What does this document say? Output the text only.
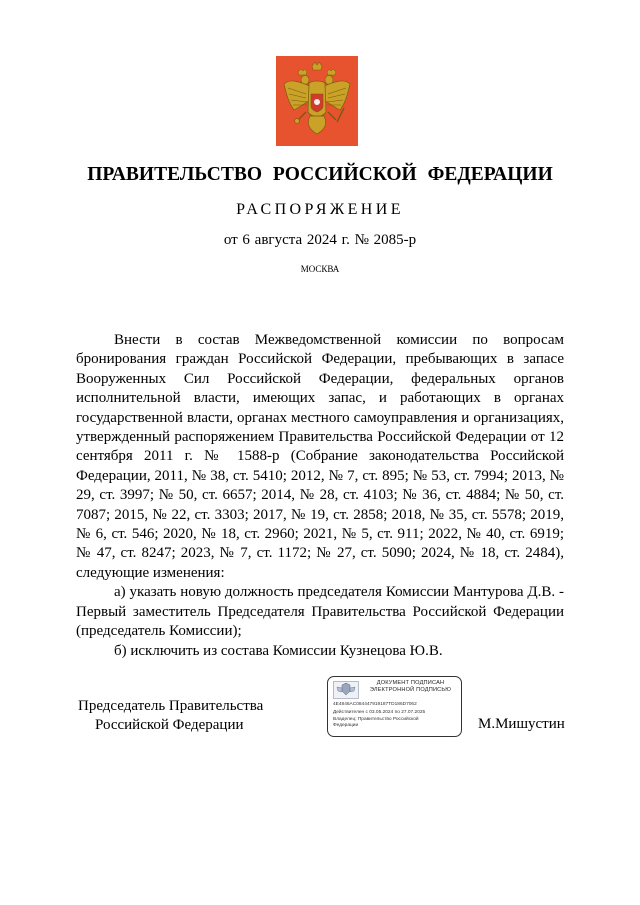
ПРАВИТЕЛЬСТВО РОССИЙСКОЙ ФЕДЕРАЦИИ
РАСПОРЯЖЕНИЕ
от 6 августа 2024 г. № 2085-р
МОСКВА

Внести в состав Межведомственной комиссии по вопросам бронирования граждан Российской Федерации, пребывающих в запасе Вооруженных Сил Российской Федерации, федеральных органов исполнительной власти, имеющих запас, и работающих в органах государственной власти, органах местного самоуправления и организациях, утвержденный распоряжением Правительства Российской Федерации от 12 сентября 2011 г. № 1588-р (Собрание законодательства Российской Федерации, 2011, № 38, ст. 5410; 2012, № 7, ст. 895; № 53, ст. 7994; 2013, № 29, ст. 3997; № 50, ст. 6657; 2014, № 28, ст. 4103; № 36, ст. 4884; № 50, ст. 7087; 2015, № 22, ст. 3303; 2017, № 19, ст. 2858; 2018, № 35, ст. 5578; 2019, № 6, ст. 546; 2020, № 18, ст. 2960; 2021, № 5, ст. 911; 2022, № 40, ст. 6919; № 47, ст. 8247; 2023, № 7, ст. 1172; № 27, ст. 5090; 2024, № 18, ст. 2484), следующие изменения:

а) указать новую должность председателя Комиссии Мантурова Д.В. - Первый заместитель Председателя Правительства Российской Федерации (председатель Комиссии);

б) исключить из состава Комиссии Кузнецова Ю.В.

Председатель Правительства
Российской Федерации
ДОКУМЕНТ ПОДПИСАН
ЭЛЕКТРОННОЙ ПОДПИСЬЮ
4E4846AC084447919187TD186D7062
Действителен с 03.05.2024 по 27.07.2025
Владелец: Правительство Российской
Федерации	М.Мишустин
